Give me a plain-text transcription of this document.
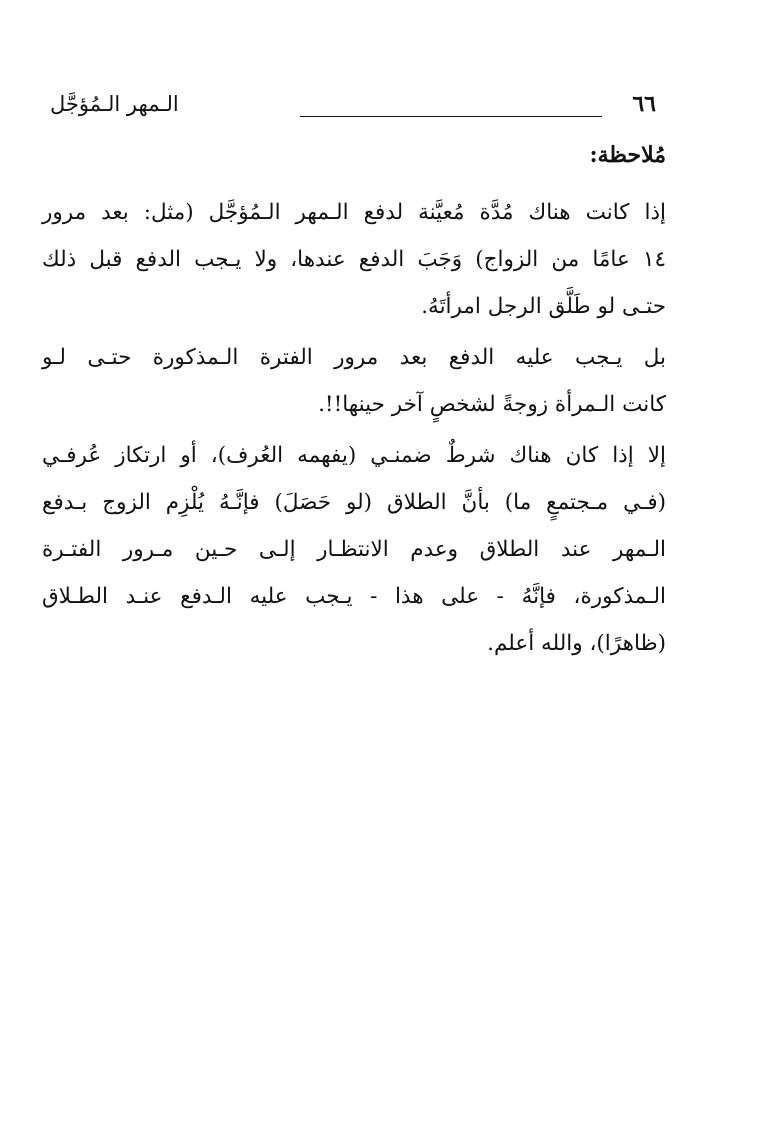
٦٦
الـمهر الـمُؤجَّل
مُلاحظة:
إذا كانت هناك مُدَّة مُعيَّنة لدفع الـمهر الـمُؤجَّل (مثل: بعد مرور
١٤ عامًا من الزواج) وَجَبَ الدفع عندها، ولا يـجب الدفع قبل ذلك
حتـى لو طَلَّق الرجل امرأتَهُ.
بل يـجب عليه الدفع بعد مرور الفترة الـمذكورة حتـى لـو
كانت الـمرأة زوجةً لشخصٍ آخر حينها!!.
إلا إذا كان هناك شرطٌ ضمنـي (يفهمه العُرف)، أو ارتكاز عُرفـي
(فـي مـجتمعٍ ما) بأنَّ الطلاق (لو حَصَلَ) فإنَّـهُ يُلْزِم الزوج بـدفع
الـمهر عند الطلاق وعدم الانتظـار إلـى حـين مـرور الفتـرة
الـمذكورة، فإنَّهُ - على هذا - يـجب عليه الـدفع عنـد الطـلاق
(ظاهرًا)، والله أعلم.
